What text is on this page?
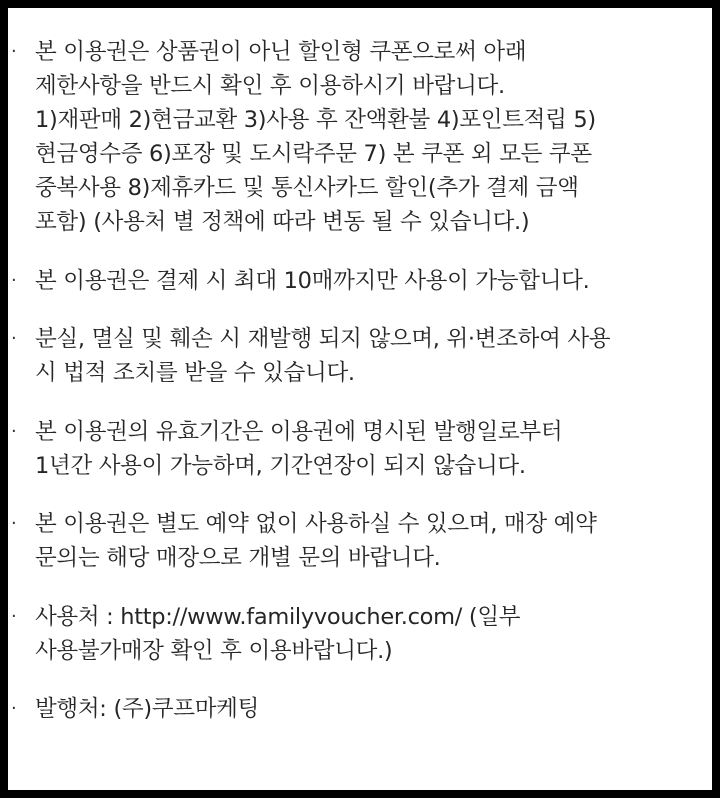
· 본 이용권은 상품권이 아닌 할인형 쿠폰으로써 아래
제한사항을 반드시 확인 후 이용하시기 바랍니다.
1)재판매 2)현금교환 3)사용 후 잔액환불 4)포인트적립 5)
현금영수증 6)포장 및 도시락주문 7) 본 쿠폰 외 모든 쿠폰
중복사용 8)제휴카드 및 통신사카드 할인(추가 결제 금액
포함) (사용처 별 정책에 따라 변동 될 수 있습니다.)
· 본 이용권은 결제 시 최대 10매까지만 사용이 가능합니다.
· 분실, 멸실 및 훼손 시 재발행 되지 않으며, 위·변조하여 사용
시 법적 조치를 받을 수 있습니다.
· 본 이용권의 유효기간은 이용권에 명시된 발행일로부터
1년간 사용이 가능하며, 기간연장이 되지 않습니다.
· 본 이용권은 별도 예약 없이 사용하실 수 있으며, 매장 예약
문의는 해당 매장으로 개별 문의 바랍니다.
· 사용처 : http://www.familyvoucher.com/ (일부
사용불가매장 확인 후 이용바랍니다.)
· 발행처: (주)쿠프마케팅
